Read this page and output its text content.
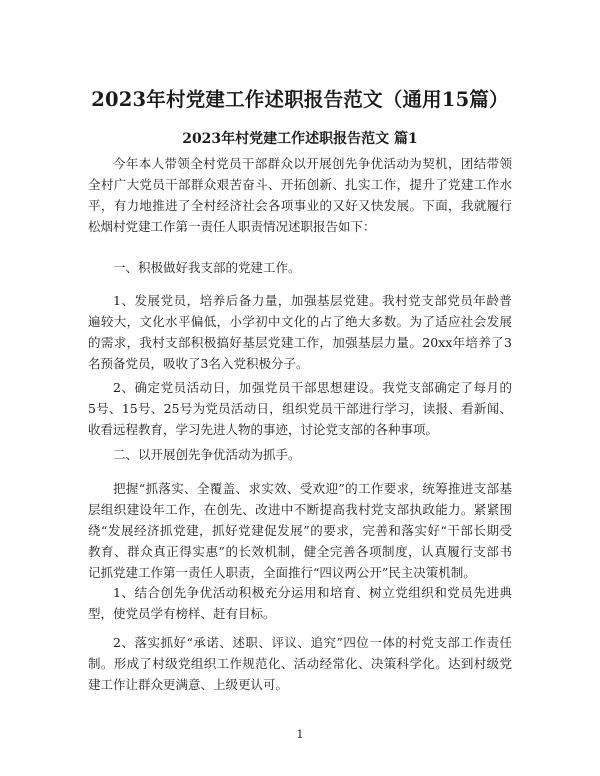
2023年村党建工作述职报告范文（通用15篇）
2023年村党建工作述职报告范文 篇1
今年本人带领全村党员干部群众以开展创先争优活动为契机，团结带领
全村广大党员干部群众艰苦奋斗、开拓创新、扎实工作，提升了党建工作水
平，有力地推进了全村经济社会各项事业的又好又快发展。下面，我就履行
松烟村党建工作第一责任人职责情况述职报告如下：
一、积极做好我支部的党建工作。
1、发展党员，培养后备力量，加强基层党建。我村党支部党员年龄普
遍较大，文化水平偏低，小学初中文化的占了绝大多数。为了适应社会发展
的需求，我村支部积极搞好基层党建工作，加强基层力量。20xx年培养了3
名预备党员，吸收了3名入党积极分子。
2、确定党员活动日，加强党员干部思想建设。我党支部确定了每月的
5号、15号、25号为党员活动日，组织党员干部进行学习，读报、看新闻、
收看远程教育，学习先进人物的事迹，讨论党支部的各种事项。
二、以开展创先争优活动为抓手。
把握“抓落实、全覆盖、求实效、受欢迎”的工作要求，统筹推进支部基
层组织建设年工作，在创先、改进中不断提高我村党支部执政能力。紧紧围
绕“发展经济抓党建，抓好党建促发展”的要求，完善和落实好“干部长期受
教育、群众真正得实惠”的长效机制，健全完善各项制度，认真履行支部书
记抓党建工作第一责任人职责，全面推行“四议两公开”民主决策机制。
1、结合创先争优活动积极充分运用和培育、树立党组织和党员先进典
型，使党员学有榜样、赶有目标。
2、落实抓好“承诺、述职、评议、追究”四位一体的村党支部工作责任
制。形成了村级党组织工作规范化、活动经常化、决策科学化。达到村级党
建工作让群众更满意、上级更认可。
1
